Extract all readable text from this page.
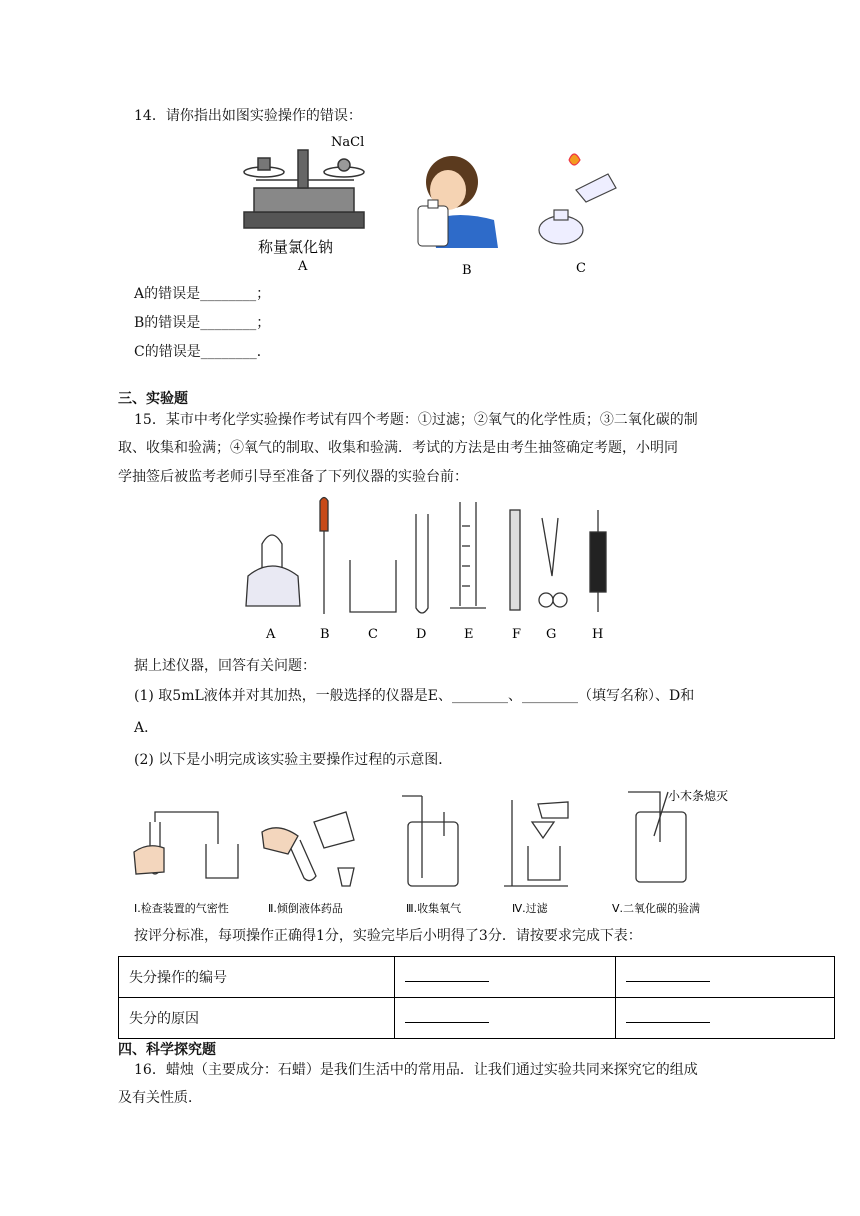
14．请你指出如图实验操作的错误：
NaCl
称量氯化钠
A	B	C
A的错误是________；
B的错误是________；
C的错误是________．
三、实验题
15．某市中考化学实验操作考试有四个考题：①过滤；②氧气的化学性质；③二氧化碳的制
取、收集和验满；④氧气的制取、收集和验满．考试的方法是由考生抽签确定考题，小明同
学抽签后被监考老师引导至准备了下列仪器的实验台前：
A	B	C	D	E	F G	H
据上述仪器，回答有关问题：
(1) 取5mL液体并对其加热，一般选择的仪器是E、________、________（填写名称）、D和
A．
(2) 以下是小明完成该实验主要操作过程的示意图．
小木条熄灭
Ⅰ.检查装置的气密性	Ⅱ.倾倒液体药品	Ⅲ.收集氧气	Ⅳ.过滤	Ⅴ.二氧化碳的验满
按评分标准，每项操作正确得1分，实验完毕后小明得了3分．请按要求完成下表：
失分操作的编号		
失分的原因		
四、科学探究题
16．蜡烛（主要成分：石蜡）是我们生活中的常用品．让我们通过实验共同来探究它的组成
及有关性质．
